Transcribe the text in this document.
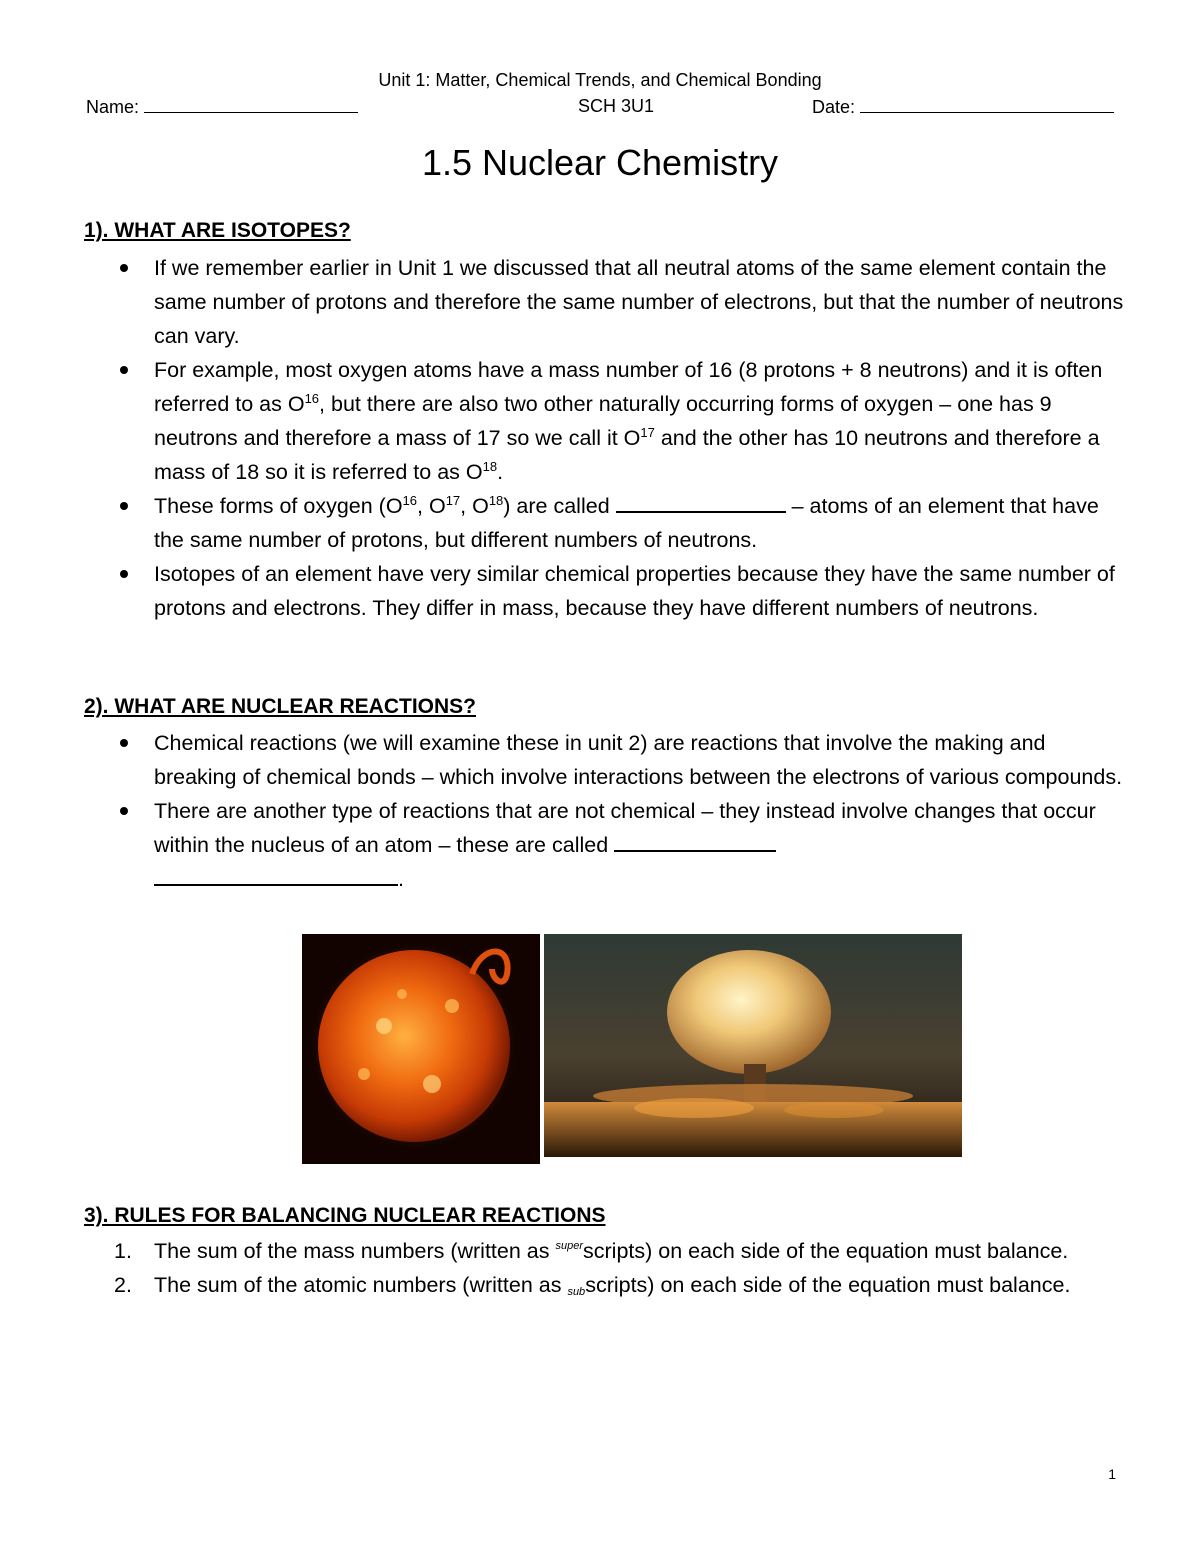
Unit 1: Matter, Chemical Trends, and Chemical Bonding
Name:	SCH 3U1	Date:
1.5 Nuclear Chemistry
1). WHAT ARE ISOTOPES?
If we remember earlier in Unit 1 we discussed that all neutral atoms of the same element contain the same number of protons and therefore the same number of electrons, but that the number of neutrons can vary.
For example, most oxygen atoms have a mass number of 16 (8 protons + 8 neutrons) and it is often referred to as $O^{16}$, but there are also two other naturally occurring forms of oxygen – one has 9 neutrons and therefore a mass of 17 so we call it $O^{17}$ and the other has 10 neutrons and therefore a mass of 18 so it is referred to as $O^{18}$.
These forms of oxygen ($O^{16}$, $O^{17}$, $O^{18}$) are called	– atoms of an element that have the same number of protons, but different numbers of neutrons.
Isotopes of an element have very similar chemical properties because they have the same number of protons and electrons. They differ in mass, because they have different numbers of neutrons.
2). WHAT ARE NUCLEAR REACTIONS?
Chemical reactions (we will examine these in unit 2) are reactions that involve the making and breaking of chemical bonds – which involve interactions between the electrons of various compounds.
There are another type of reactions that are not chemical – they instead involve changes that occur within the nucleus of an atom – these are called
.
3). RULES FOR BALANCING NUCLEAR REACTIONS
1.	The sum of the mass numbers (written as $^{super}$scripts) on each side of the equation must balance.
2.	The sum of the atomic numbers (written as subscripts) on each side of the equation must balance.
1
